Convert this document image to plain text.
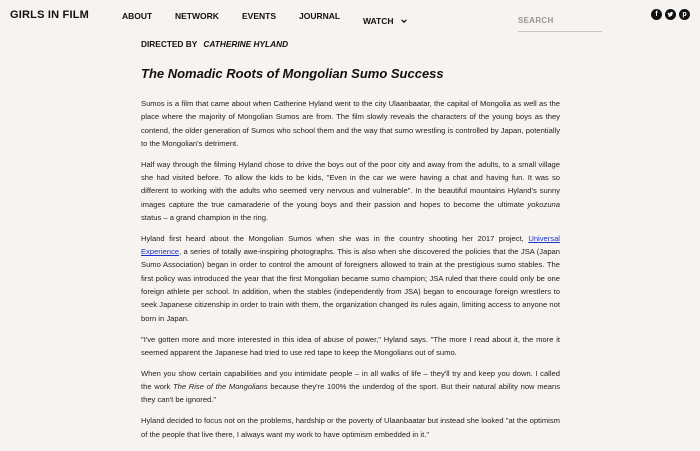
GIRLS IN FILM	ABOUT	NETWORK	EVENTS	JOURNAL	WATCH
SEARCH
f	p
DIRECTED BY CATHERINE HYLAND
The Nomadic Roots of Mongolian Sumo Success

Sumos is a film that came about when Catherine Hyland went to the city Ulaanbaatar, the capital of Mongolia as well as the place where the majority of Mongolian Sumos are from. The film slowly reveals the characters of the young boys as they contend, the older generation of Sumos who school them and the way that sumo wrestling is controlled by Japan, potentially to the Mongolian's detriment.

Half way through the filming Hyland chose to drive the boys out of the poor city and away from the adults, to a small village she had visited before. To allow the kids to be kids, "Even in the car we were having a chat and having fun. It was so different to working with the adults who seemed very nervous and vulnerable". In the beautiful mountains Hyland's sunny images capture the true camaraderie of the young boys and their passion and hopes to become the ultimate yokozuna status – a grand champion in the ring.

Hyland first heard about the Mongolian Sumos when she was in the country shooting her 2017 project, Universal Experience, a series of totally awe-inspiring photographs. This is also when she discovered the policies that the JSA (Japan Sumo Association) began in order to control the amount of foreigners allowed to train at the prestigious sumo stables. The first policy was introduced the year that the first Mongolian became sumo champion; JSA ruled that there could only be one foreign athlete per school. In addition, when the stables (independently from JSA) began to encourage foreign wrestlers to seek Japanese citizenship in order to train with them, the organization changed its rules again, limiting access to anyone not born in Japan.

"I've gotten more and more interested in this idea of abuse of power," Hyland says. "The more I read about it, the more it seemed apparent the Japanese had tried to use red tape to keep the Mongolians out of sumo.

When you show certain capabilities and you intimidate people – in all walks of life – they'll try and keep you down. I called the work The Rise of the Mongolians because they're 100% the underdog of the sport. But their natural ability now means they can't be ignored."

Hyland decided to focus not on the problems, hardship or the poverty of Ulaanbaatar but instead she looked "at the optimism of the people that live there, I always want my work to have optimism embedded in it."
